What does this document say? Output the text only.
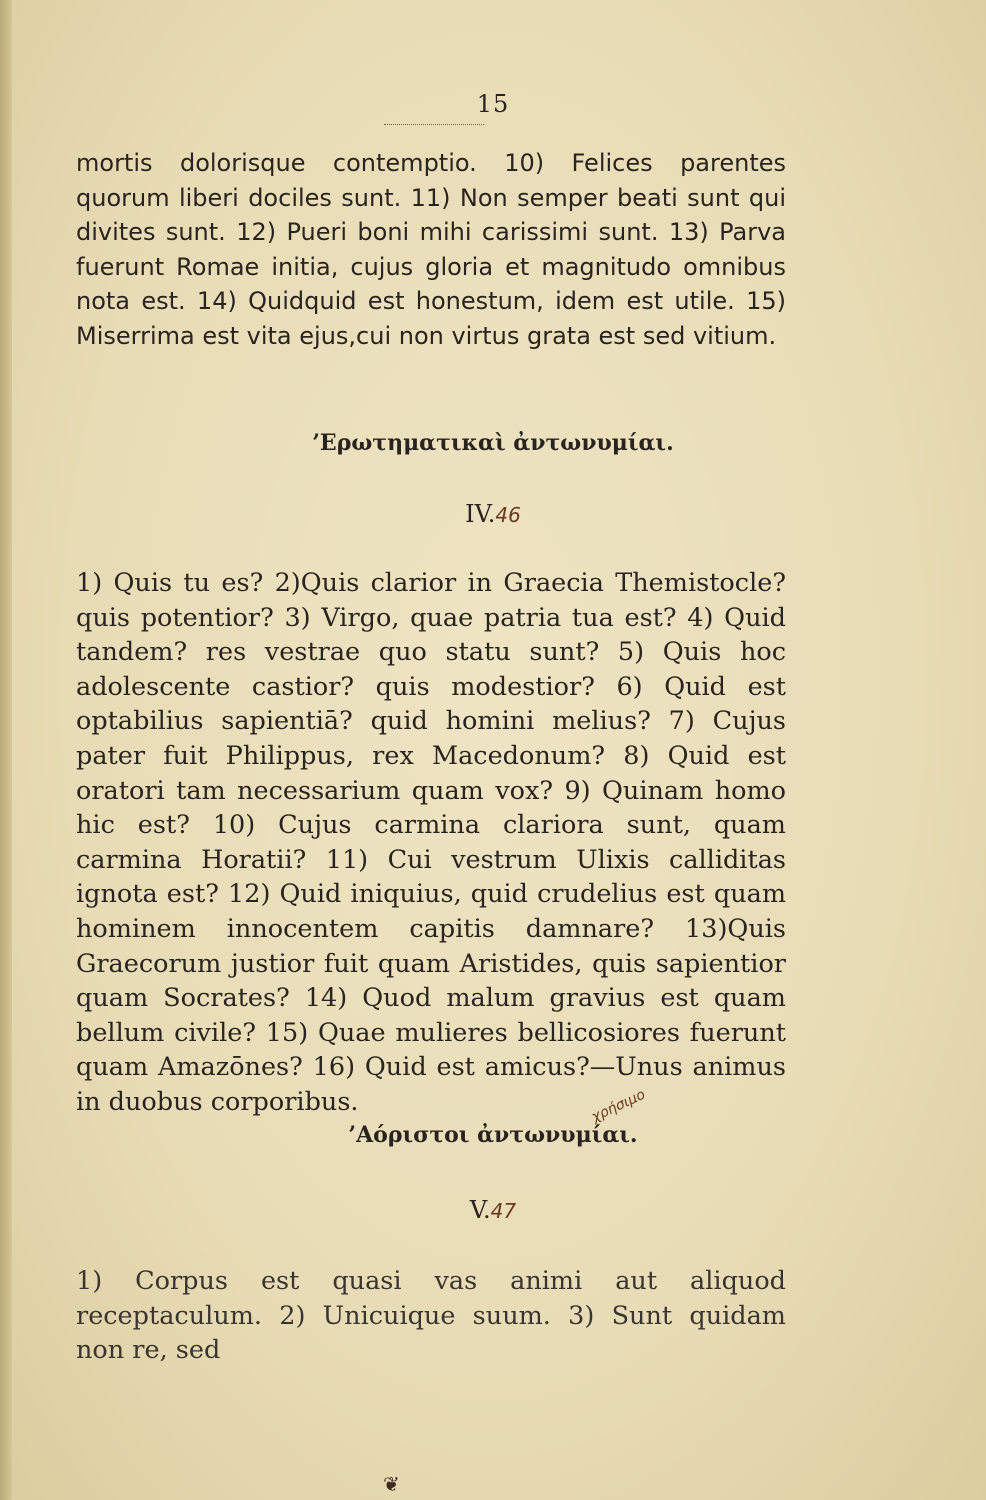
15
mortis dolorisque contemptio. 10) Felices parentes quorum liberi dociles sunt. 11) Non semper beati sunt qui divites sunt. 12) Pueri boni mihi carissimi sunt. 13) Parva fuerunt Romae initia, cujus gloria et magnitudo omnibus nota est. 14) Quidquid est honestum, idem est utile. 15) Miserrima est vita ejus,cui non virtus grata est sed vitium.
’Ερωτηματικαὶ ἀντωνυμίαι.
IV.46
1) Quis tu es? 2)Quis clarior in Graecia Themistocle? quis potentior? 3) Virgo, quae patria tua est? 4) Quid tandem? res vestrae quo statu sunt? 5) Quis hoc adolescente castior? quis modestior? 6) Quid est optabilius sapientiā? quid homini melius? 7) Cujus pater fuit Philippus, rex Macedonum? 8) Quid est oratori tam necessarium quam vox? 9) Quinam homo hic est? 10) Cujus carmina clariora sunt, quam carmina Horatii? 11) Cui vestrum Ulixis calliditas ignota est? 12) Quid iniquius, quid crudelius est quam hominem innocentem capitis damnare? 13)Quis Graecorum justior fuit quam Aristides, quis sapientior quam Socrates? 14) Quod malum gravius est quam bellum civile? 15) Quae mulieres bellicosiores fuerunt quam Amazōnes? 16) Quid est amicus?—Unus animus in duobus corporibus.
’Αόριστοι ἀντωνυμίαι.
χρήσιμο
V.47
1) Corpus est quasi vas animi aut aliquod receptaculum. 2) Unicuique suum. 3) Sunt quidam non re, sed
❦
